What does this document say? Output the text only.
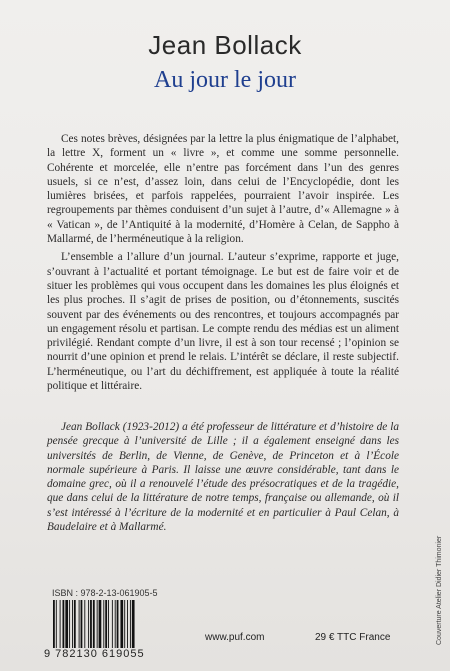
Jean Bollack
Au jour le jour

Ces notes brèves, désignées par la lettre la plus énigmatique de l’alphabet, la lettre X, forment un « livre », et comme une somme personnelle. Cohérente et morcelée, elle n’entre pas forcément dans l’un des genres usuels, si ce n’est, d’assez loin, dans celui de l’Encyclopédie, dont les lumières brisées, et parfois rappelées, pourraient l’avoir inspirée. Les regroupements par thèmes conduisent d’un sujet à l’autre, d’« Allemagne » à « Vatican », de l’Antiquité à la modernité, d’Homère à Celan, de Sappho à Mallarmé, de l’herméneutique à la religion.

L’ensemble a l’allure d’un journal. L’auteur s’exprime, rapporte et juge, s’ouvrant à l’actualité et portant témoignage. Le but est de faire voir et de situer les problèmes qui vous occupent dans les domaines les plus éloignés et les plus proches. Il s’agit de prises de position, ou d’étonnements, suscités souvent par des événements ou des rencontres, et toujours accompagnés par un engagement résolu et partisan. Le compte rendu des médias est un aliment privilégié. Rendant compte d’un livre, il est à son tour recensé ; l’opinion se nourrit d’une opinion et prend le relais. L’intérêt se déclare, il reste subjectif. L’herméneutique, ou l’art du déchiffrement, est appliquée à toute la réalité politique et littéraire.

Jean Bollack (1923-2012) a été professeur de littérature et d’histoire de la pensée grecque à l’université de Lille ; il a également enseigné dans les universités de Berlin, de Vienne, de Genève, de Princeton et à l’École normale supérieure à Paris. Il laisse une œuvre considérable, tant dans le domaine grec, où il a renouvelé l’étude des présocratiques et de la tragédie, que dans celui de la littérature de notre temps, française ou allemande, où il s’est intéressé à l’écriture de la modernité et en particulier à Paul Celan, à Baudelaire et à Mallarmé.

ISBN : 978-2-13-061905-5
9 782130 619055
www.puf.com	29 € TTC France	Couverture Atelier Didier Thimonier
